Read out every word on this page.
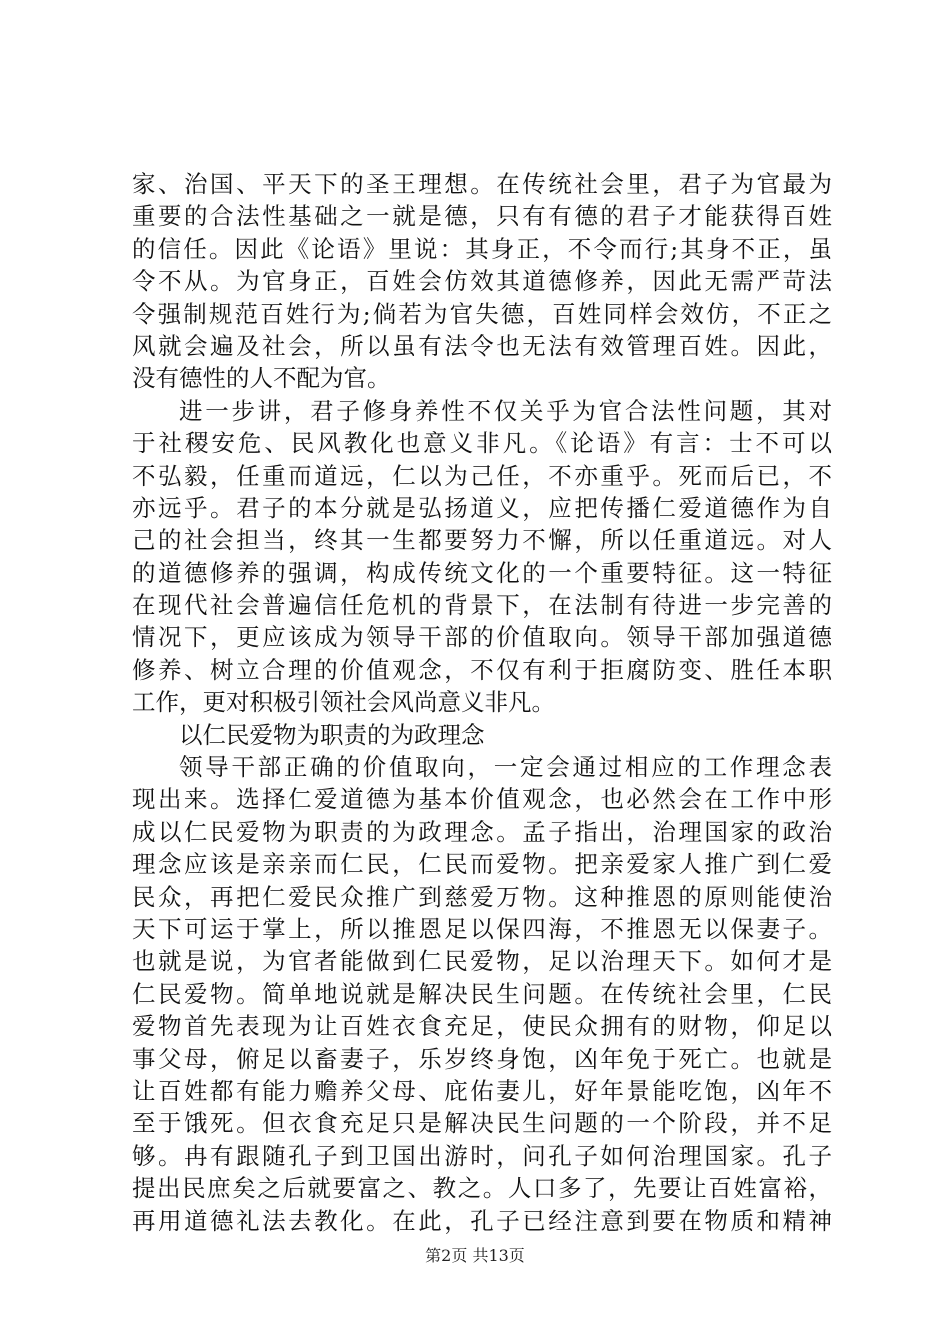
家、治国、平天下的圣王理想。在传统社会里，君子为官最为
重要的合法性基础之一就是德，只有有德的君子才能获得百姓
的信任。因此《论语》里说：其身正，不令而行;其身不正，虽
令不从。为官身正，百姓会仿效其道德修养，因此无需严苛法
令强制规范百姓行为;倘若为官失德，百姓同样会效仿，不正之
风就会遍及社会，所以虽有法令也无法有效管理百姓。因此，
没有德性的人不配为官。
进一步讲，君子修身养性不仅关乎为官合法性问题，其对
于社稷安危、民风教化也意义非凡。《论语》有言：士不可以
不弘毅，任重而道远，仁以为己任，不亦重乎。死而后已，不
亦远乎。君子的本分就是弘扬道义，应把传播仁爱道德作为自
己的社会担当，终其一生都要努力不懈，所以任重道远。对人
的道德修养的强调，构成传统文化的一个重要特征。这一特征
在现代社会普遍信任危机的背景下，在法制有待进一步完善的
情况下，更应该成为领导干部的价值取向。领导干部加强道德
修养、树立合理的价值观念，不仅有利于拒腐防变、胜任本职
工作，更对积极引领社会风尚意义非凡。
以仁民爱物为职责的为政理念
领导干部正确的价值取向，一定会通过相应的工作理念表
现出来。选择仁爱道德为基本价值观念，也必然会在工作中形
成以仁民爱物为职责的为政理念。孟子指出，治理国家的政治
理念应该是亲亲而仁民，仁民而爱物。把亲爱家人推广到仁爱
民众，再把仁爱民众推广到慈爱万物。这种推恩的原则能使治
天下可运于掌上，所以推恩足以保四海，不推恩无以保妻子。
也就是说，为官者能做到仁民爱物，足以治理天下。如何才是
仁民爱物。简单地说就是解决民生问题。在传统社会里，仁民
爱物首先表现为让百姓衣食充足，使民众拥有的财物，仰足以
事父母，俯足以畜妻子，乐岁终身饱，凶年免于死亡。也就是
让百姓都有能力赡养父母、庇佑妻儿，好年景能吃饱，凶年不
至于饿死。但衣食充足只是解决民生问题的一个阶段，并不足
够。冉有跟随孔子到卫国出游时，问孔子如何治理国家。孔子
提出民庶矣之后就要富之、教之。人口多了，先要让百姓富裕，
再用道德礼法去教化。在此，孔子已经注意到要在物质和精神
第2页 共13页
